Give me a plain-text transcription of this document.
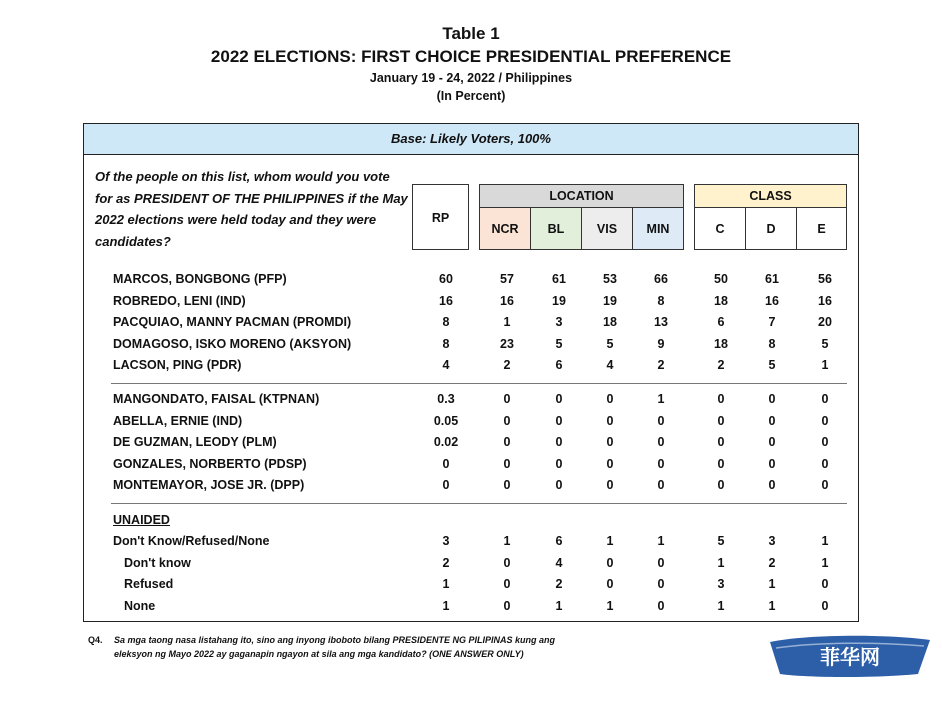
Table 1
2022 ELECTIONS: FIRST CHOICE PRESIDENTIAL PREFERENCE
January 19 - 24, 2022 / Philippines
(In Percent)
Base: Likely Voters, 100%
Of the people on this list, whom would you vote for as PRESIDENT OF THE PHILIPPINES if the May 2022 elections were held today and they were candidates?
RP
LOCATION
NCR	BL	VIS	MIN
CLASS
C	D	E
MARCOS, BONGBONG (PFP)	60	57	61	53	66	50	61	56
ROBREDO, LENI (IND)	16	16	19	19	8	18	16	16
PACQUIAO, MANNY PACMAN (PROMDI)	8	1	3	18	13	6	7	20
DOMAGOSO, ISKO MORENO (AKSYON)	8	23	5	5	9	18	8	5
LACSON, PING (PDR)	4	2	6	4	2	2	5	1
MANGONDATO, FAISAL (KTPNAN)	0.3	0	0	0	1	0	0	0
ABELLA, ERNIE (IND)	0.05	0	0	0	0	0	0	0
DE GUZMAN, LEODY (PLM)	0.02	0	0	0	0	0	0	0
GONZALES, NORBERTO (PDSP)	0	0	0	0	0	0	0	0
MONTEMAYOR, JOSE JR. (DPP)	0	0	0	0	0	0	0	0
Don't Know/Refused/None	3	1	6	1	1	5	3	1
Don't know	2	0	4	0	0	1	2	1
Refused	1	0	2	0	0	3	1	0
None	1	0	1	1	0	1	1	0
UNAIDED
Q4. Sa mga taong nasa listahang ito, sino ang inyong iboboto bilang PRESIDENTE NG PILIPINAS kung ang eleksyon ng Mayo 2022 ay gaganapin ngayon at sila ang mga kandidato? (ONE ANSWER ONLY)	菲华网
